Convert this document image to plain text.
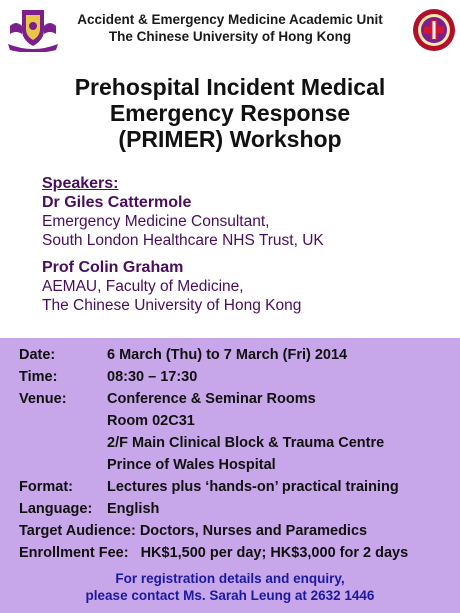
Accident & Emergency Medicine Academic Unit
The Chinese University of Hong Kong
Prehospital Incident Medical
Emergency Response
(PRIMER) Workshop
Speakers:
Dr Giles Cattermole
Emergency Medicine Consultant,
South London Healthcare NHS Trust, UK
Prof Colin Graham
AEMAU, Faculty of Medicine,
The Chinese University of Hong Kong
Date:	6 March (Thu) to 7 March (Fri) 2014
Time:	08:30 – 17:30
Venue:	Conference & Seminar Rooms
Room 02C31
2/F Main Clinical Block & Trauma Centre
Prince of Wales Hospital
Format: Lectures plus ‘hands-on’ practical training
Language: English
Target Audience: Doctors, Nurses and Paramedics
Enrollment Fee: HK$1,500 per day; HK$3,000 for 2 days
For registration details and enquiry,
please contact Ms. Sarah Leung at 2632 1446
